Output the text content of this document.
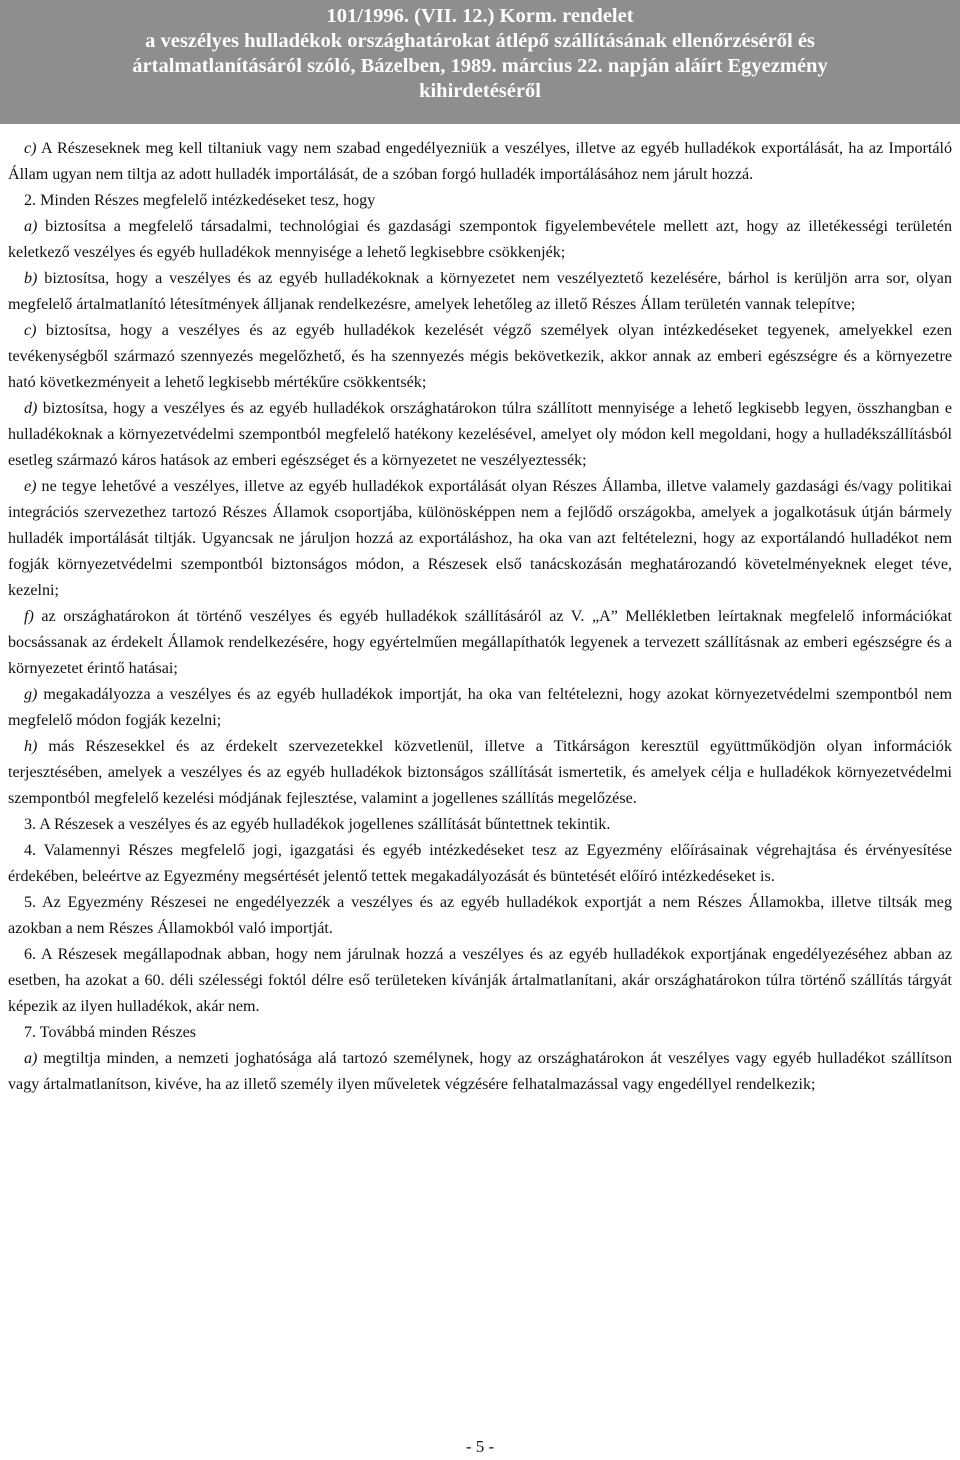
101/1996. (VII. 12.) Korm. rendelet
a veszélyes hulladékok országhatárokat átlépő szállításának ellenőrzéséről és
ártalmatlanításáról szóló, Bázelben, 1989. március 22. napján aláírt Egyezmény
kihirdetéséről

c) A Részeseknek meg kell tiltaniuk vagy nem szabad engedélyezniük a veszélyes, illetve az egyéb hulladékok exportálását, ha az Importáló Állam ugyan nem tiltja az adott hulladék importálását, de a szóban forgó hulladék importálásához nem járult hozzá.

2. Minden Részes megfelelő intézkedéseket tesz, hogy

a) biztosítsa a megfelelő társadalmi, technológiai és gazdasági szempontok figyelembevétele mellett azt, hogy az illetékességi területén keletkező veszélyes és egyéb hulladékok mennyisége a lehető legkisebbre csökkenjék;

b) biztosítsa, hogy a veszélyes és az egyéb hulladékoknak a környezetet nem veszélyeztető kezelésére, bárhol is kerüljön arra sor, olyan megfelelő ártalmatlanító létesítmények álljanak rendelkezésre, amelyek lehetőleg az illető Részes Állam területén vannak telepítve;

c) biztosítsa, hogy a veszélyes és az egyéb hulladékok kezelését végző személyek olyan intézkedéseket tegyenek, amelyekkel ezen tevékenységből származó szennyezés megelőzhető, és ha szennyezés mégis bekövetkezik, akkor annak az emberi egészségre és a környezetre ható következményeit a lehető legkisebb mértékűre csökkentsék;

d) biztosítsa, hogy a veszélyes és az egyéb hulladékok országhatárokon túlra szállított mennyisége a lehető legkisebb legyen, összhangban e hulladékoknak a környezetvédelmi szempontból megfelelő hatékony kezelésével, amelyet oly módon kell megoldani, hogy a hulladékszállításból esetleg származó káros hatások az emberi egészséget és a környezetet ne veszélyeztessék;

e) ne tegye lehetővé a veszélyes, illetve az egyéb hulladékok exportálását olyan Részes Államba, illetve valamely gazdasági és/vagy politikai integrációs szervezethez tartozó Részes Államok csoportjába, különösképpen nem a fejlődő országokba, amelyek a jogalkotásuk útján bármely hulladék importálását tiltják. Ugyancsak ne járuljon hozzá az exportáláshoz, ha oka van azt feltételezni, hogy az exportálandó hulladékot nem fogják környezetvédelmi szempontból biztonságos módon, a Részesek első tanácskozásán meghatározandó követelményeknek eleget téve, kezelni;

f) az országhatárokon át történő veszélyes és egyéb hulladékok szállításáról az V. „A” Mellékletben leírtaknak megfelelő információkat bocsássanak az érdekelt Államok rendelkezésére, hogy egyértelműen megállapíthatók legyenek a tervezett szállításnak az emberi egészségre és a környezetet érintő hatásai;

g) megakadályozza a veszélyes és az egyéb hulladékok importját, ha oka van feltételezni, hogy azokat környezetvédelmi szempontból nem megfelelő módon fogják kezelni;

h) más Részesekkel és az érdekelt szervezetekkel közvetlenül, illetve a Titkárságon keresztül együttműködjön olyan információk terjesztésében, amelyek a veszélyes és az egyéb hulladékok biztonságos szállítását ismertetik, és amelyek célja e hulladékok környezetvédelmi szempontból megfelelő kezelési módjának fejlesztése, valamint a jogellenes szállítás megelőzése.

3. A Részesek a veszélyes és az egyéb hulladékok jogellenes szállítását bűntettnek tekintik.

4. Valamennyi Részes megfelelő jogi, igazgatási és egyéb intézkedéseket tesz az Egyezmény előírásainak végrehajtása és érvényesítése érdekében, beleértve az Egyezmény megsértését jelentő tettek megakadályozását és büntetését előíró intézkedéseket is.

5. Az Egyezmény Részesei ne engedélyezzék a veszélyes és az egyéb hulladékok exportját a nem Részes Államokba, illetve tiltsák meg azokban a nem Részes Államokból való importját.

6. A Részesek megállapodnak abban, hogy nem járulnak hozzá a veszélyes és az egyéb hulladékok exportjának engedélyezéséhez abban az esetben, ha azokat a 60. déli szélességi foktól délre eső területeken kívánják ártalmatlanítani, akár országhatárokon túlra történő szállítás tárgyát képezik az ilyen hulladékok, akár nem.

7. Továbbá minden Részes

a) megtiltja minden, a nemzeti joghatósága alá tartozó személynek, hogy az országhatárokon át veszélyes vagy egyéb hulladékot szállítson vagy ártalmatlanítson, kivéve, ha az illető személy ilyen műveletek végzésére felhatalmazással vagy engedéllyel rendelkezik;

- 5 -
